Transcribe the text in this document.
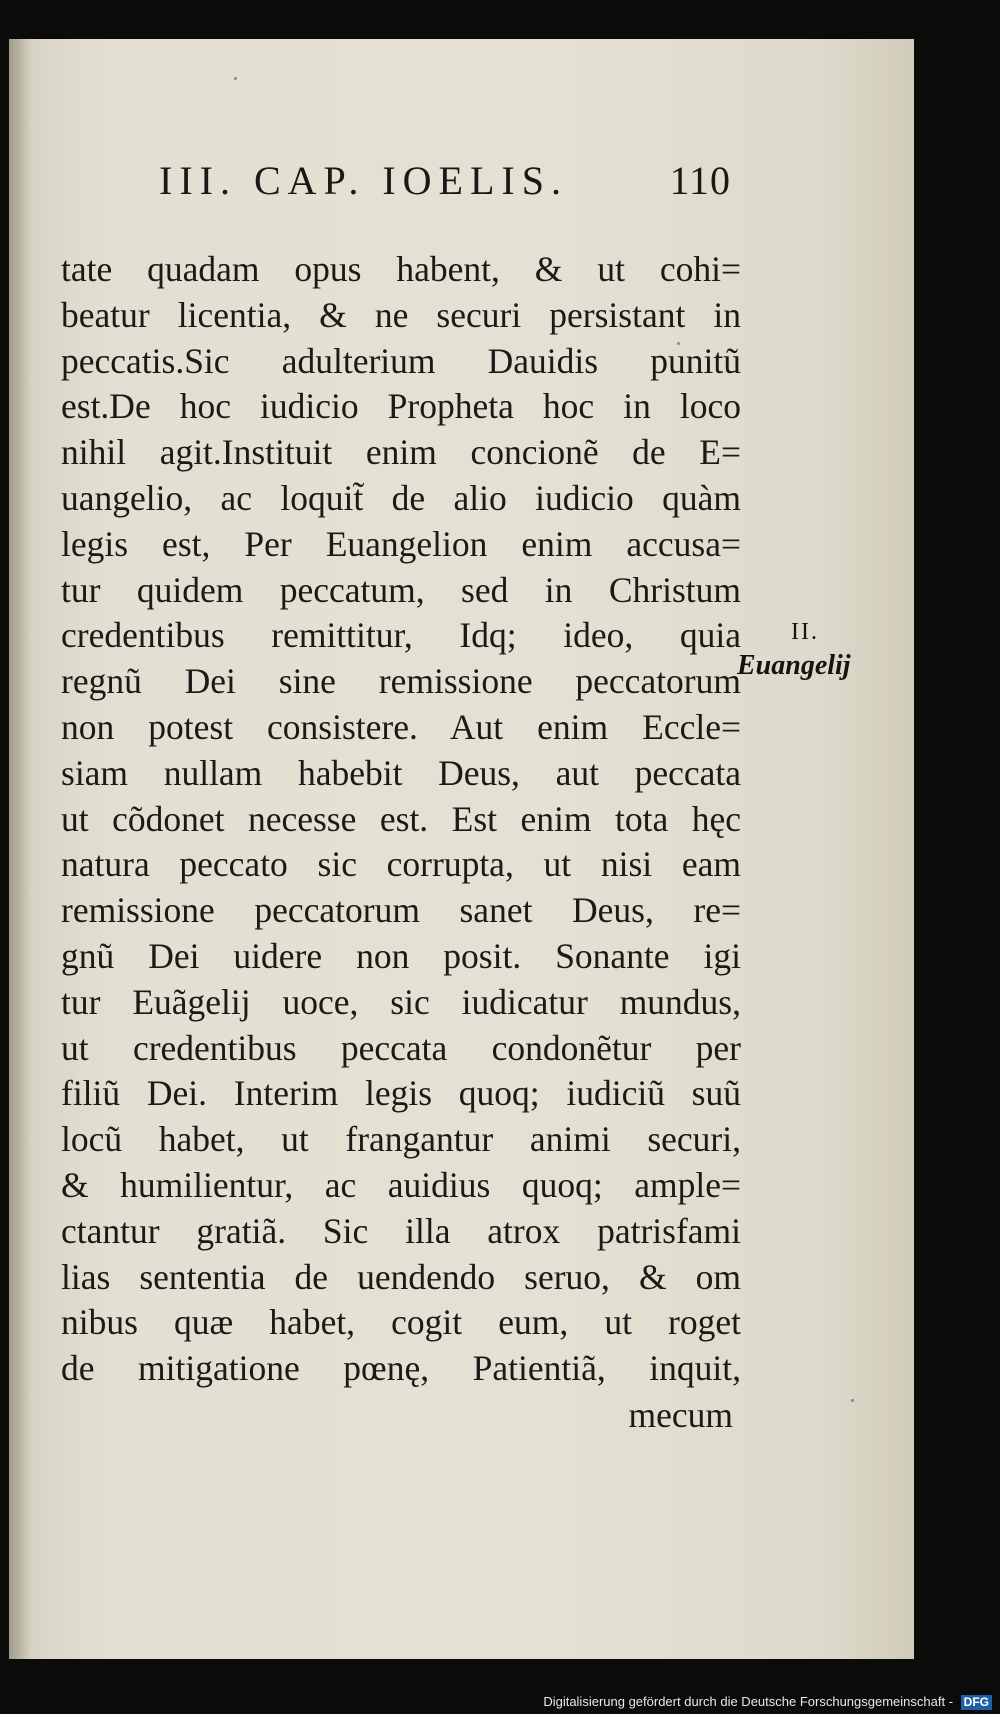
III. CAP. IOELIS.	110
tate quadam opus habent, & ut cohi=
beatur licentia, & ne securi persistant in
peccatis.Sic adulterium Dauidis punitũ
est.De hoc iudicio Propheta hoc in loco
nihil agit.Instituit enim concionẽ de E=
uangelio, ac loquit̃ de alio iudicio quàm
legis est, Per Euangelion enim accusa=
tur quidem peccatum, sed in Christum
credentibus remittitur, Idq; ideo, quia
regnũ Dei sine remissione peccatorum
non potest consistere. Aut enim Eccle=
siam nullam habebit Deus, aut peccata
ut cõdonet necesse est. Est enim tota hęc
natura peccato sic corrupta, ut nisi eam
remissione peccatorum sanet Deus, re=
gnũ Dei uidere non posit. Sonante igi
tur Euãgelij uoce, sic iudicatur mundus,
ut credentibus peccata condonẽtur per
filiũ Dei. Interim legis quoq; iudiciũ suũ
locũ habet, ut frangantur animi securi,
& humilientur, ac auidius quoq; ample=
ctantur gratiã. Sic illa atrox patrisfami
lias sententia de uendendo seruo, & om
nibus quæ habet, cogit eum, ut roget
de mitigatione pœnę, Patientiã, inquit,
mecum
II.
Euangelij
Digitalisierung gefördert durch die Deutsche Forschungsgemeinschaft - DFG
